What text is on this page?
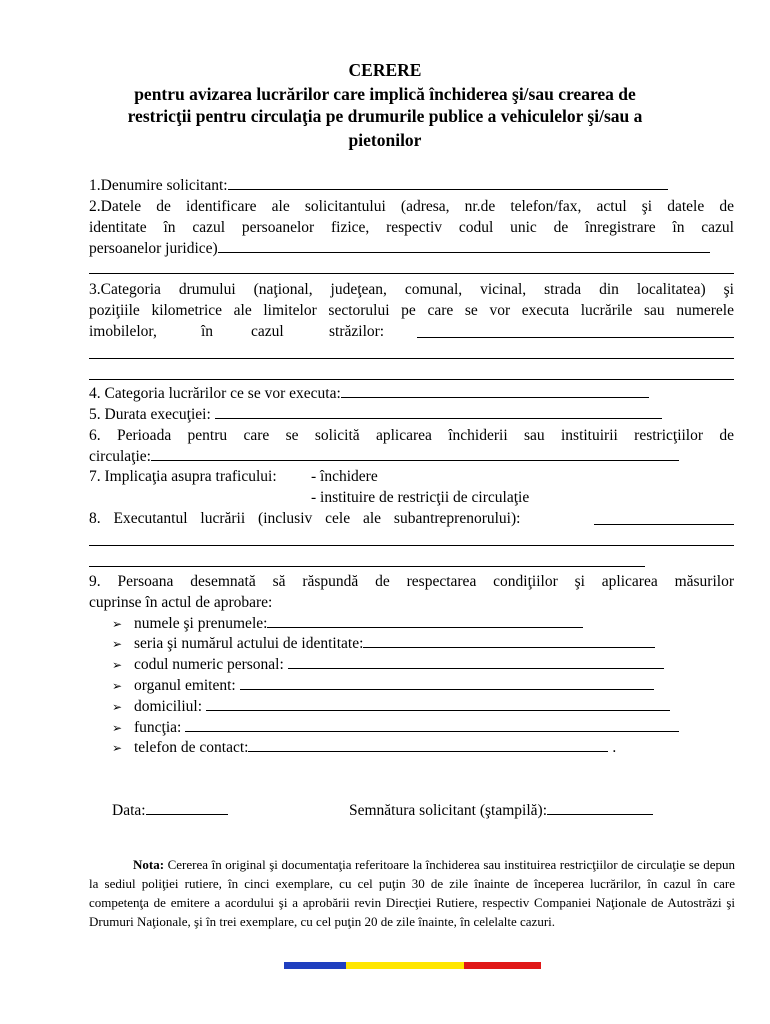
CERERE
pentru avizarea lucrărilor care implică închiderea şi/sau crearea de
restricţii pentru circulaţia pe drumurile publice a vehiculelor şi/sau a
pietonilor
1.Denumire solicitant:
2.Datele de identificare ale solicitantului (adresa, nr.de telefon/fax, actul şi datele de
identitate în cazul persoanelor fizice, respectiv codul unic de înregistrare în cazul
persoanelor juridice)
3.Categoria drumului (naţional, judeţean, comunal, vicinal, strada din localitatea) şi
poziţiile kilometrice ale limitelor sectorului pe care se vor executa lucrările sau numerele
imobilelor,	în cazul	străzilor:
4. Categoria lucrărilor ce se vor executa:
5. Durata execuţiei:
6. Perioada pentru care se solicită aplicarea închiderii sau instituirii restricţiilor de
circulaţie:
7. Implicaţia asupra traficului: - închidere
- instituire de restricţii de circulaţie
8. Executantul lucrării (inclusiv cele ale subantreprenorului):
9. Persoana desemnată să răspundă de respectarea condiţiilor şi aplicarea măsurilor
cuprinse în actul de aprobare:
➢ numele şi prenumele:
➢ seria şi numărul actului de identitate:
➢ codul numeric personal:
➢ organul emitent:
➢ domiciliul:
➢ funcţia:
➢ telefon de contact:	.
Data:	Semnătura solicitant (ştampilă):
Nota: Cererea în original şi documentaţia referitoare la închiderea sau instituirea restricţiilor de circulaţie se depun la sediul poliţiei rutiere, în cinci exemplare, cu cel puţin 30 de zile înainte de începerea lucrărilor, în cazul în care competenţa de emitere a acordului şi a aprobării revin Direcţiei Rutiere, respectiv Companiei Naţionale de Autostrăzi şi Drumuri Naţionale, şi în trei exemplare, cu cel puţin 20 de zile înainte, în celelalte cazuri.
